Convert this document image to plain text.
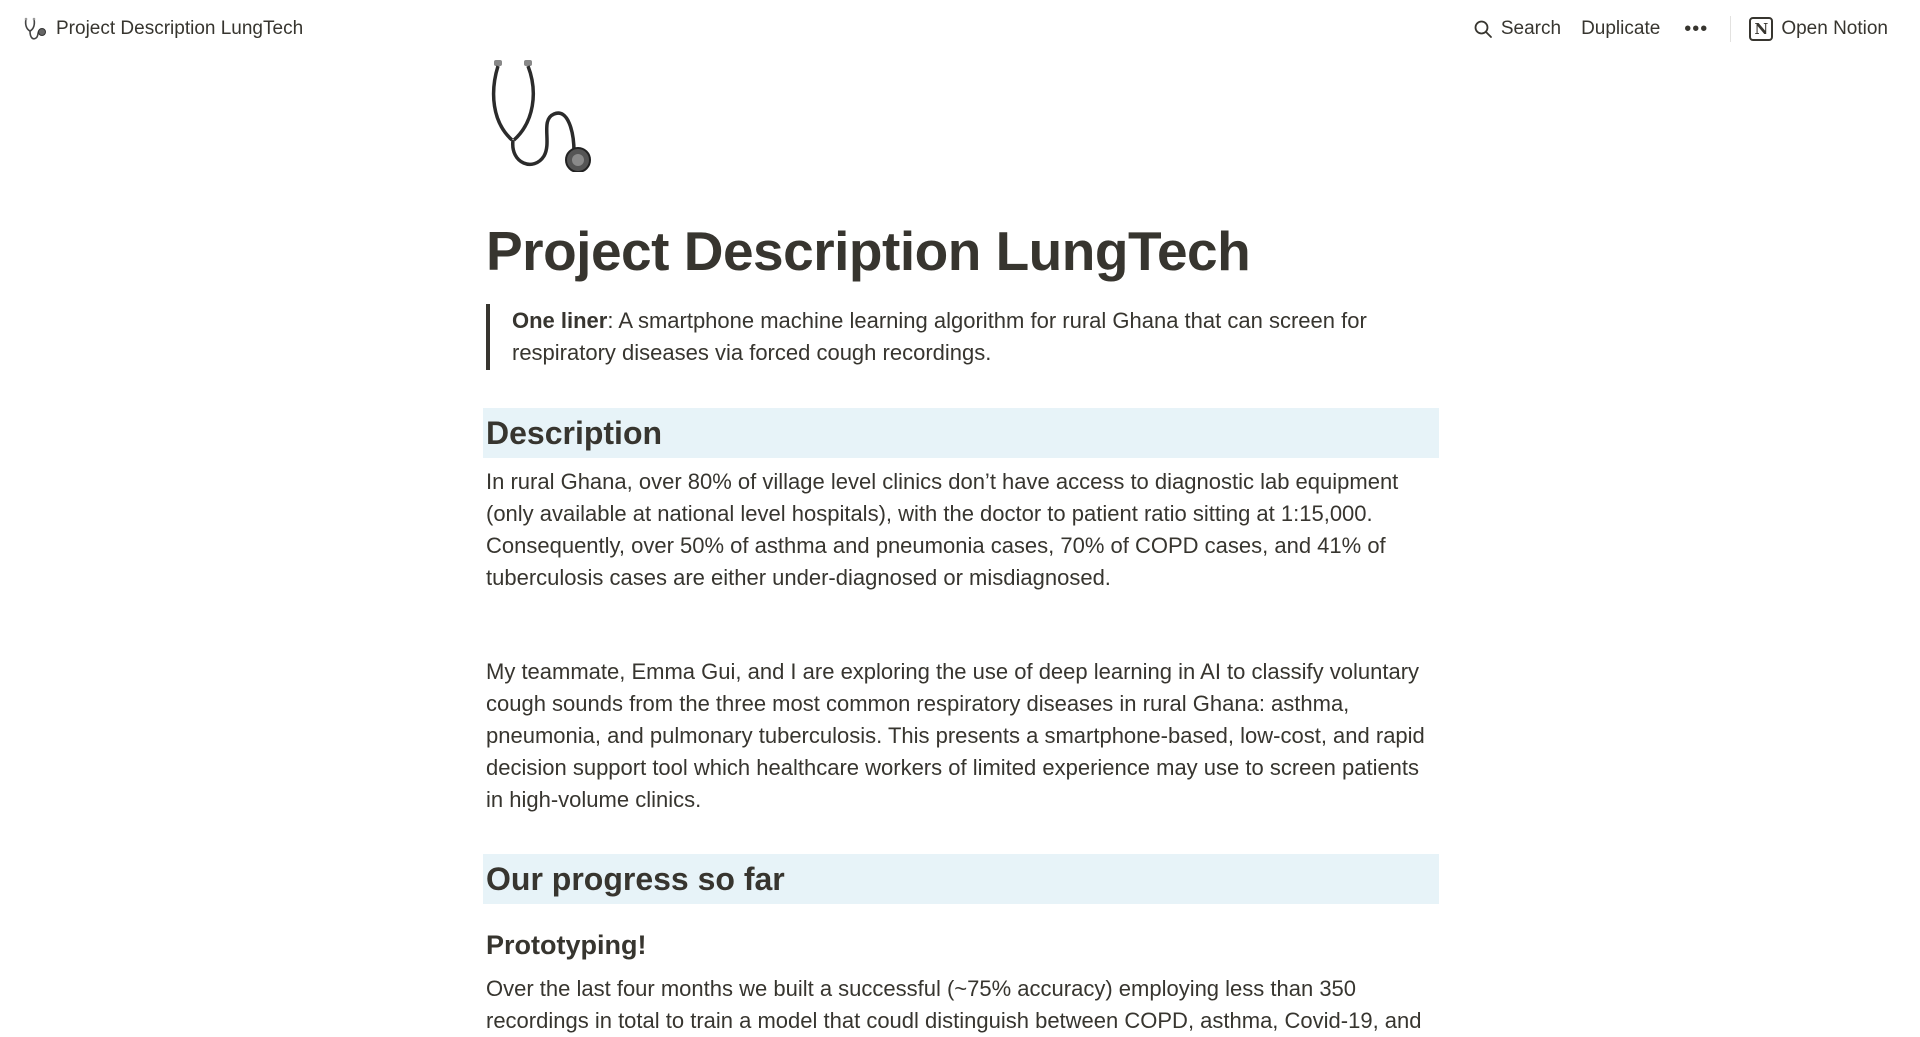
Project Description LungTech	Search Duplicate •••	N Open Notion
Project Description LungTech
One liner: A smartphone machine learning algorithm for rural Ghana that can screen for respiratory diseases via forced cough recordings.
Description

In rural Ghana, over 80% of village level clinics don’t have access to diagnostic lab equipment (only available at national level hospitals), with the doctor to patient ratio sitting at 1:15,000. Consequently, over 50% of asthma and pneumonia cases, 70% of COPD cases, and 41% of tuberculosis cases are either under-diagnosed or misdiagnosed.

My teammate, Emma Gui, and I are exploring the use of deep learning in AI to classify voluntary cough sounds from the three most common respiratory diseases in rural Ghana: asthma, pneumonia, and pulmonary tuberculosis. This presents a smartphone-based, low-cost, and rapid decision support tool which healthcare workers of limited experience may use to screen patients in high-volume clinics.

Our progress so far
Prototyping!

Over the last four months we built a successful (~75% accuracy) employing less than 350 recordings in total to train a model that coudl distinguish between COPD, asthma, Covid-19, and
